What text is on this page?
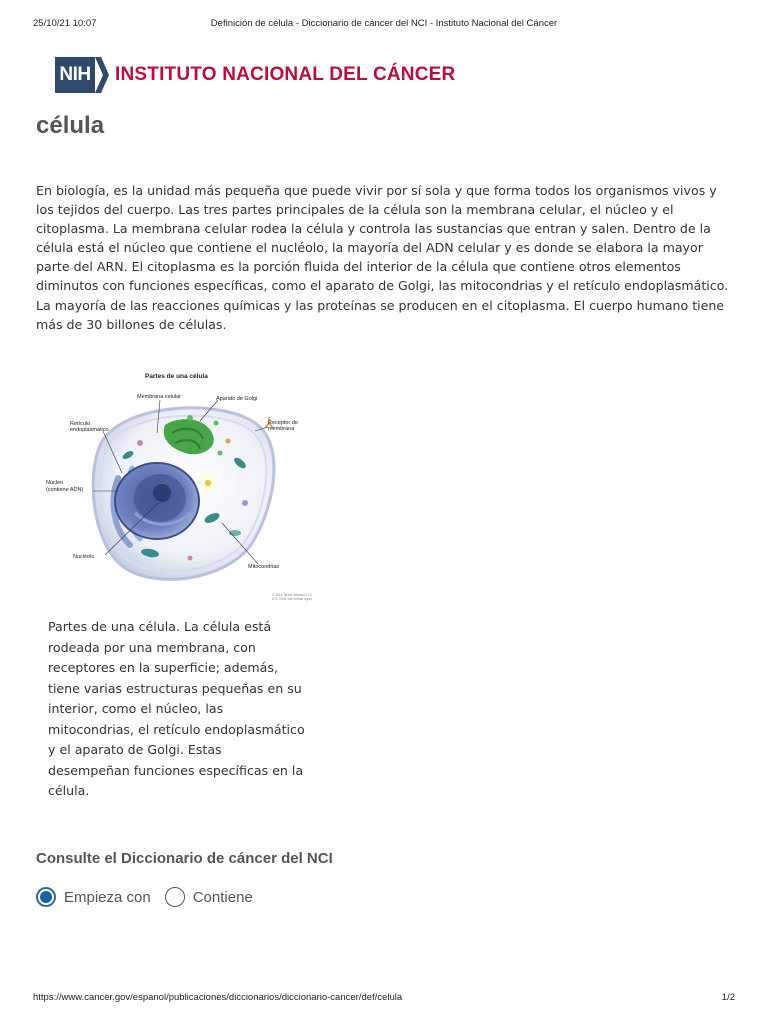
25/10/21 10:07	Definición de célula - Diccionario de cáncer del NCI - Instituto Nacional del Cáncer
NIH INSTITUTO NACIONAL DEL CÁNCER
célula

En biología, es la unidad más pequeña que puede vivir por sí sola y que forma todos los organismos vivos y los tejidos del cuerpo. Las tres partes principales de la célula son la membrana celular, el núcleo y el citoplasma. La membrana celular rodea la célula y controla las sustancias que entran y salen. Dentro de la célula está el núcleo que contiene el nucléolo, la mayoría del ADN celular y es donde se elabora la mayor parte del ARN. El citoplasma es la porción fluida del interior de la célula que contiene otros elementos diminutos con funciones específicas, como el aparato de Golgi, las mitocondrias y el retículo endoplasmático. La mayoría de las reacciones químicas y las proteínas se producen en el citoplasma. El cuerpo humano tiene más de 30 billones de células.

Partes de una célula
Membrana celular	Aparato de Golgi
Retículo
endoplasmático
Receptor de
membrana
Núcleo
(contiene ADN)
Nucléolo
Mitocondrias
© 2014 Terese Winslow LLC
U.S. Govt. has certain rights

Partes de una célula. La célula está rodeada por una membrana, con receptores en la superficie; además, tiene varias estructuras pequeñas en su interior, como el núcleo, las mitocondrias, el retículo endoplasmático y el aparato de Golgi. Estas desempeñan funciones específicas en la célula.

Consulte el Diccionario de cáncer del NCI
Empieza con	Contiene
https://www.cancer.gov/espanol/publicaciones/diccionarios/diccionario-cancer/def/celula	1/2
